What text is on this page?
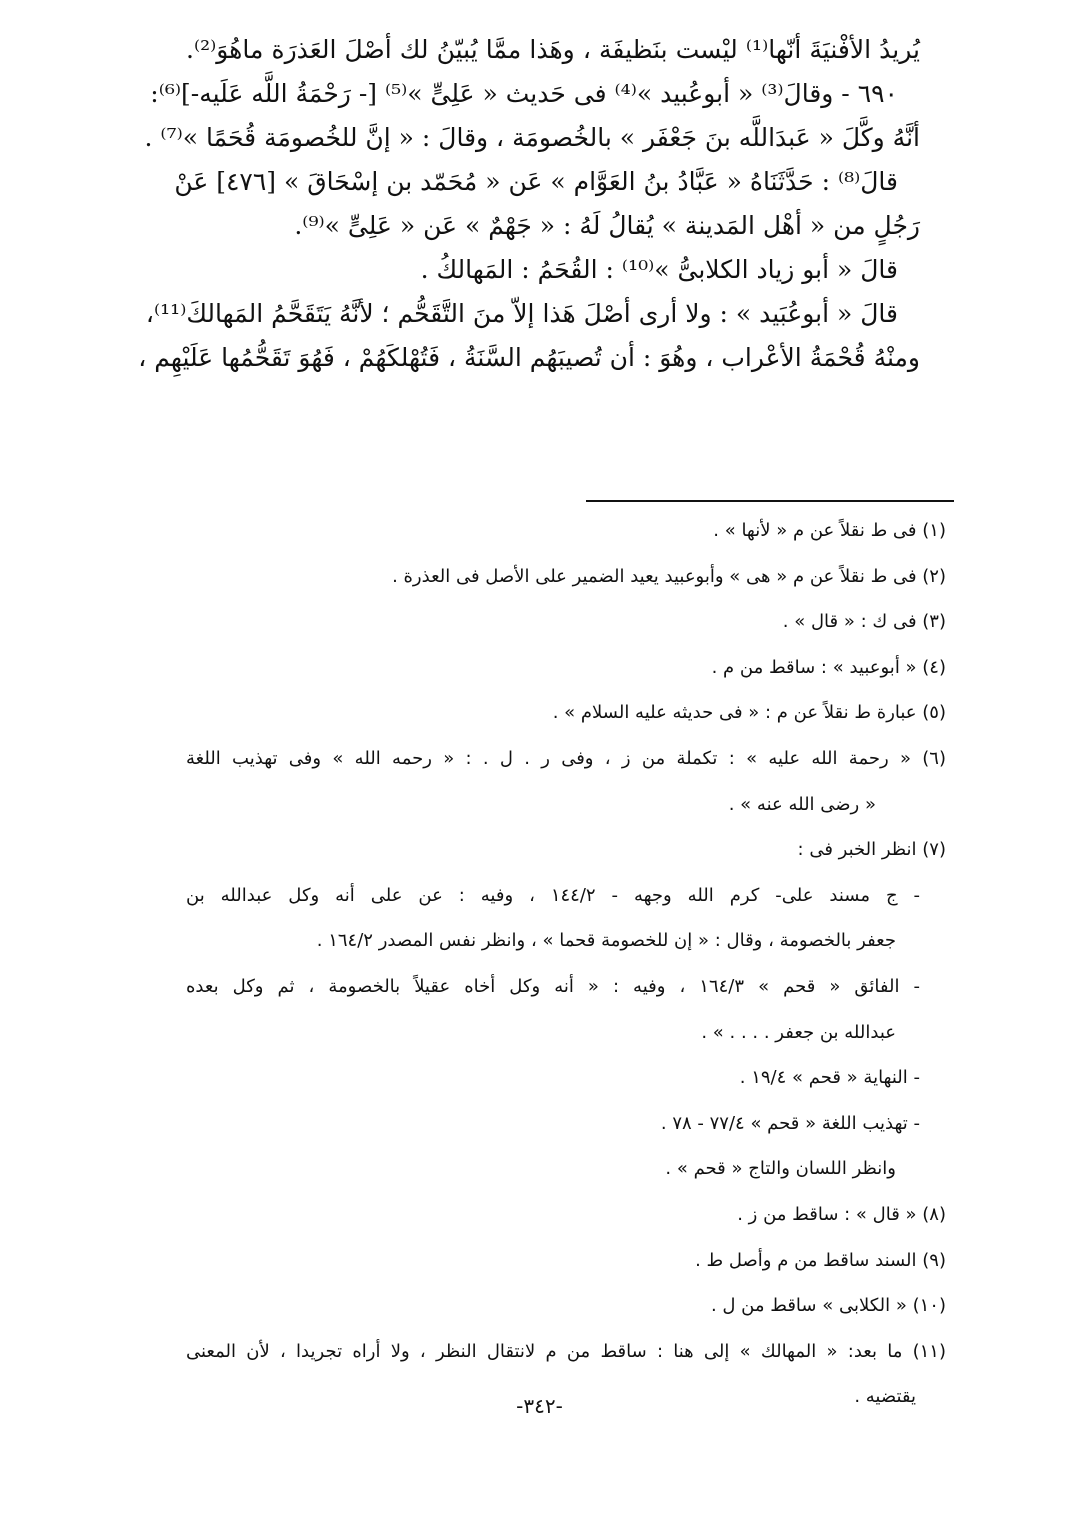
يُريدُ الأفْنيَةَ أنّها⁽¹⁾ ليْست بنَظيفَة ، وهَذا ممَّا يُبيّنُ لك أصْلَ العَذرَة ماهُوَ⁽²⁾.
٦٩٠ - وقالَ⁽³⁾ « أبوعُبيد »⁽⁴⁾ فى حَديث « عَلِىٍّ »⁽⁵⁾ [- رَحْمَةُ اللَّه عَلَيه-]⁽⁶⁾:
أنَّهُ وكَّلَ « عَبدَاللَّه بنَ جَعْفَر » بالخُصومَة ، وقالَ : « إنَّ للخُصومَة قُحَمًا »⁽⁷⁾ .
قالَ⁽⁸⁾ : حَدَّثَنَاهُ « عَبَّادُ بنُ العَوَّام » عَن « مُحَمّد بن إسْحَاقَ » [٤٧٦] عَنْ
رَجُلٍ من « أهْل المَدينة » يُقالُ لَهُ : « جَهْمٌ » عَن « عَلِىٍّ »⁽⁹⁾.
قالَ « أبو زياد الكلابىُّ »⁽¹⁰⁾ : القُحَمُ : المَهالكُ .
قالَ « أبوعُبَيد » : ولا أرى أصْلَ هَذا إلاّ منَ التَّقَحُّم ؛ لأنَّهُ يَتَقَحَّمُ المَهالكَ⁽¹¹⁾،
ومنْهُ قُحْمَةُ الأعْراب ، وهُوَ : أن تُصيبَهُم السَّنَةُ ، فَتُهْلكَهُمْ ، فَهُوَ تَقَحُّمُها عَلَيْهِم ،
(١) فى ط نقلاً عن م « لأنها » .
(٢) فى ط نقلاً عن م « هى » وأبوعبيد يعيد الضمير على الأصل فى العذرة .
(٣) فى ك : « قال » .
(٤) « أبوعبيد » : ساقط من م .
(٥) عبارة ط نقلاً عن م : « فى حديثه عليه السلام » .
(٦) « رحمة الله عليه » : تكملة من ز ، وفى ر . ل . : « رحمه الله » وفى تهذيب اللغة
« رضى الله عنه » .
(٧) انظر الخبر فى :
- ج مسند على- كرم الله وجهه - ١٤٤/٢ ، وفيه : عن على أنه وكل عبدالله بن
جعفر بالخصومة ، وقال : « إن للخصومة قحما » ، وانظر نفس المصدر ١٦٤/٢ .
- الفائق « قحم » ١٦٤/٣ ، وفيه : « أنه وكل أخاه عقيلاً بالخصومة ، ثم وكل بعده
عبدالله بن جعفر . . . . » .
- النهاية « قحم » ١٩/٤ .
- تهذيب اللغة « قحم » ٧٧/٤ - ٧٨ .
وانظر اللسان والتاج « قحم » .
(٨) « قال » : ساقط من ز .
(٩) السند ساقط من م وأصل ط .
(١٠) « الكلابى » ساقط من ل .
(١١) ما بعد: « المهالك » إلى هنا : ساقط من م لانتقال النظر ، ولا أراه تجريدا ، لأن المعنى
يقتضيه .
-٣٤٢-
